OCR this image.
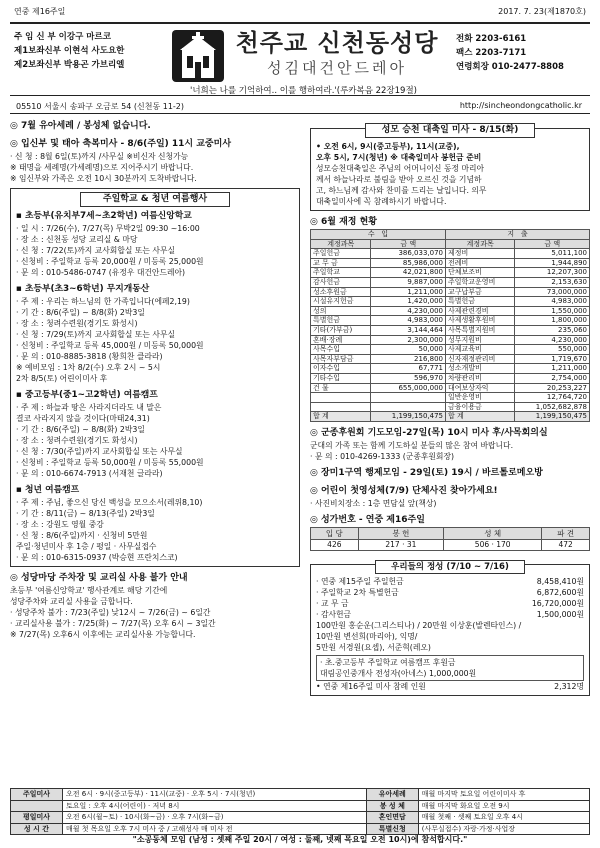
연중 제16주일	2017. 7. 23(제1870호)
주 임 신 부 이강구 마르코
제1보좌신부 이현석 사도요한
제2보좌신부 박용곤 가브리엘
천주교 신천동성당
성김대건안드레아
전화 2203-6161
팩스 2203-7171
연령회장 010-2477-8808
'너희는 나를 기억하여.. 이를 행하여라.'(루카복음 22장19절)
05510 서울시 송파구 오금로 54 (신천동 11-2)	http://sincheondongcatholic.kr
◎ 7월 유아세례 / 봉성체 없습니다.
◎ 입신부 및 태아 축복미사 - 8/6(주일) 11시 교중미사
· 신 청 : 8월 6일(토)까지 /사무실 ※비신자 신청가능
※ 태명을 세례명(가세례명)으로 지어주시기 바랍니다.
※ 임신부와 가족은 오전 10시 30분까지 도착바랍니다.
주일학교 & 청년 여름행사
▪ 초등부(유치부7세~초2학년) 여름신앙학교
· 일 시 : 7/26(수), 7/27(목) 무박2일 09:30 ~16:00
· 장 소 : 신천동 성당 교리실 & 마당
· 신 청 : 7/22(토)까지 교사회합실 또는 사무실
· 신청비 : 주일학교 등록 20,000원 / 미등록 25,000원
· 문 의 : 010-5486-0747 (유정우 대건안드레아)
▪ 초등부(초3~6학년) 무지개동산
· 주 제 : 우리는 하느님의 한 가족입니다(에페2,19)
· 기 간 : 8/6(주일) ~ 8/8(화) 2박3일
· 장 소 : 청려수련원(경기도 화성시)
· 신 청 : 7/29(토)까지 교사회합실 또는 사무실
· 신청비 : 주일학교 등록 45,000원 / 미등록 50,000원
· 문 의 : 010-8885-3818 (황희찬 클라라)
※ 예비모임 : 1차 8/2(수) 오후 2시 ~ 5시
2차 8/5(토) 어린이미사 후
▪ 중고등부(중1~고2학년) 여름캠프
· 주 제 : 하늘과 땅은 사라지더라도 내 말은
결코 사라지지 않을 것이다(마태24,31)
· 기 간 : 8/6(주일) ~ 8/8(화) 2박3일
· 장 소 : 청려수련원(경기도 화성시)
· 신 청 : 7/30(주일)까지 교사회합실 또는 사무실
· 신청비 : 주일학교 등록 50,000원 / 미등록 55,000원
· 문 의 : 010-6674-7913 (서재천 글라라)
▪ 청년 여름캠프
· 주 제 : 주님, 좋으신 당신 백성을 모으소서(레위8,10)
· 기 간 : 8/11(금) ~ 8/13(주일) 2박3일
· 장 소 : 강원도 영월 중강
· 신 청 : 8/6(주일)까지 · 신청비 5만원
주일·청년미사 후 1층 / 평일 · 사무실접수
· 문 의 : 010-6315-0937 (박승현 프란치스코)
◎ 성당마당 주차장 및 교리실 사용 불가 안내
초등부 '여름신앙학교' 행사관계로 해당 기간에
성당주차와 교리실 사용을 금합니다.
· 성당주차 불가 : 7/23(주일) 낮12시 ~ 7/26(금) ~ 6일간
· 교리실사용 불가 : 7/25(화) ~ 7/27(목) 오후 6시 ~ 3일간
※ 7/27(목) 오후6시 이후에는 교리실사용 가능합니다.
성모 승천 대축일 미사 - 8/15(화)
• 오전 6시, 9시(중고등부), 11시(교중),
오후 5시, 7시(청년) ※ 대축일미사 봉헌금 준비
성모승천대축일은 주님의 어머니이신 동정 마리아
께서 하늘나라로 불림을 받아 오르신 것을 기념하
고, 하느님께 감사와 찬미를 드리는 날입니다. 의무
대축일미사에 꼭 참례하시기 바랍니다.
◎ 6월 재정 현황
수 입		지 출	
계정과목	금 액	계정과목	금 액
주일헌금	386,033,070	제정비	5,011,100
교 무 금	85,986,000	전례비	1,944,890
주일학교	42,021,800	단체보조비	12,207,300
감사헌금	9,887,000	주일학교운영비	2,153,630
성소후원금	1,211,000	교구납부금	73,000,000
시설유지헌금	1,420,000	특별헌금	4,983,000
성의	4,230,000	사제관련경비	1,550,000
특별헌금	4,983,000	사제생활후원비	1,800,000
기타(가부금)	3,144,464	사목특별지원비	235,060
혼배·장례	2,300,000	성무지원비	4,230,000
사목수입	50,000	사제교육비	550,000
사목자부담금	216,800	신자재정관리비	1,719,670
이자수입	67,771	성소개발비	1,211,000
기타수입	596,970	차량관리비	2,754,000
건 물	655,000,000	대여보상자익	20,253,227
		일반운영비	12,764,720
		금융이용금	1,052,682,878
합 계	1,199,150,475	합 계	1,199,150,475
◎ 군종후원회 기도모임-27일(목) 10시 미사 후/사목회의실
군대의 가족 또는 함께 기도하실 분들의 많은 참여 바랍니다.
· 문 의 : 010-4269-1333 (군종후원회장)
◎ 장미1구역 행제모임 - 29일(토) 19시 / 바르톨로메오방
◎ 어린이 첫영성체(7/9) 단체사진 찾아가세요!
· 사진비치장소 : 1층 면담실 앞(책상)
◎ 성가번호 - 연중 제16주일
입 당	봉 헌	성 체	파 견
426	217 · 31	506 · 170	472
우리들의 정성 (7/10 ~ 7/16)
· 연중 제15주일 주일헌금	8,458,410원
· 주일학교 2차 특별헌금	6,872,600원
· 교 무 금	16,720,000원
· 감사헌금	1,500,000원
100만원 홍순운(그리스티나) / 20만원 이상훈(발렌타인스) /
10만원 변선희(마리아), 익명/
5만원 서경원(요셉), 서준혁(레오)
· 초.중고등부 주일학교 여름캠프 후원금
대림공인중개사 전성자(아네스) 1,000,000원
• 연중 제16주일 미사 참례 인원	2,312명
주일미사	오전 6시 · 9시(중고등부) · 11시(교중) · 오후 5시 · 7시(청년)	유아세례	매월 마지막 토요일 어린이미사 후
	토요일 : 오후 4시(어린이) · 저녁 8시	봉 성 체	매월 마지막 화요일 오전 9시
평일미사	오전 6시(월~토) · 10시(화~금) · 오후 7시(화~금)	혼인면담	매월 첫째 · 셋째 토요일 오후 4시
성 시 간	매월 첫 목요일 오후 7시 미사 중 / 고해성사 매 미사 전	특별신청	(사무실접수) 자랑·가정·사업장
"소공동체 모임 (남성 : 셋째 주일 20시 / 여성 : 둘째, 넷째 목요일 오전 10시)에 참석합시다."
